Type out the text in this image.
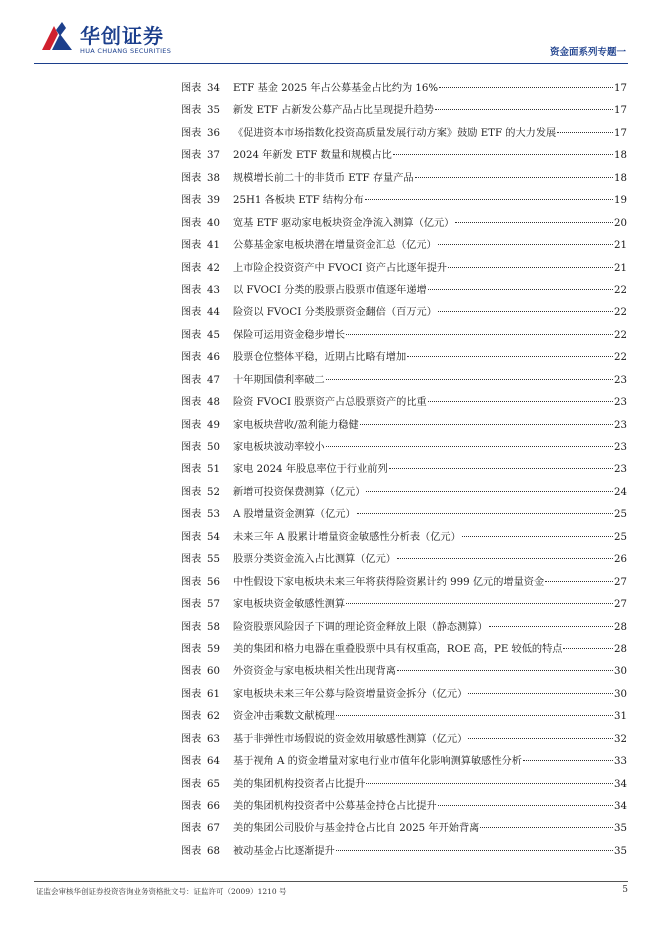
华创证券
HUA CHUANG SECURITIES	资金面系列专题一
图表 34	ETF 基金 2025 年占公募基金占比约为 16%	17
图表 35	新发 ETF 占新发公募产品占比呈现提升趋势	17
图表 36	《促进资本市场指数化投资高质量发展行动方案》鼓励 ETF 的大力发展	17
图表 37	2024 年新发 ETF 数量和规模占比	18
图表 38	规模增长前二十的非货币 ETF 存量产品	18
图表 39	25H1 各板块 ETF 结构分布	19
图表 40	宽基 ETF 驱动家电板块资金净流入测算（亿元）	20
图表 41	公募基金家电板块潜在增量资金汇总（亿元）	21
图表 42	上市险企投资资产中 FVOCI 资产占比逐年提升	21
图表 43	以 FVOCI 分类的股票占股票市值逐年递增	22
图表 44	险资以 FVOCI 分类股票资金翻倍（百万元）	22
图表 45	保险可运用资金稳步增长	22
图表 46	股票仓位整体平稳，近期占比略有增加	22
图表 47	十年期国债利率破二	23
图表 48	险资 FVOCI 股票资产占总股票资产的比重	23
图表 49	家电板块营收/盈利能力稳健	23
图表 50	家电板块波动率较小	23
图表 51	家电 2024 年股息率位于行业前列	23
图表 52	新增可投资保费测算（亿元）	24
图表 53	A 股增量资金测算（亿元）	25
图表 54	未来三年 A 股累计增量资金敏感性分析表（亿元）	25
图表 55	股票分类资金流入占比测算（亿元）	26
图表 56	中性假设下家电板块未来三年将获得险资累计约 999 亿元的增量资金	27
图表 57	家电板块资金敏感性测算	27
图表 58	险资股票风险因子下调的理论资金释放上限（静态测算）	28
图表 59	美的集团和格力电器在重叠股票中具有权重高，ROE 高，PE 较低的特点	28
图表 60	外资资金与家电板块相关性出现背离	30
图表 61	家电板块未来三年公募与险资增量资金拆分（亿元）	30
图表 62	资金冲击乘数文献梳理	31
图表 63	基于非弹性市场假说的资金效用敏感性测算（亿元）	32
图表 64	基于视角 A 的资金增量对家电行业市值年化影响测算敏感性分析	33
图表 65	美的集团机构投资者占比提升	34
图表 66	美的集团机构投资者中公募基金持仓占比提升	34
图表 67	美的集团公司股价与基金持仓占比自 2025 年开始背离	35
图表 68	被动基金占比逐渐提升	35
证监会审核华创证券投资咨询业务资格批文号：证监许可（2009）1210 号	5
